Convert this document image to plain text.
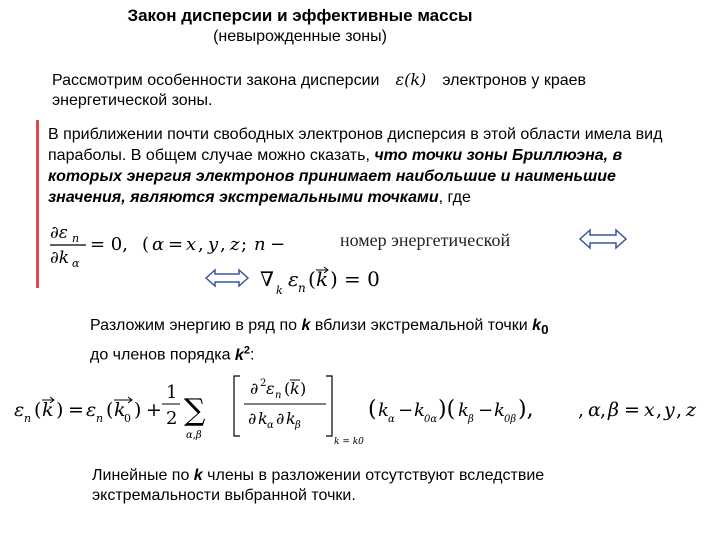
Закон дисперсии и эффективные массы
(невырожденные зоны)
Рассмотрим особенности закона дисперсии ε(k) электронов у краев
энергетической зоны.
В приближении почти свободных электронов дисперсия в этой области имела вид параболы. В общем случае можно сказать, что точки зоны Бриллюэна, в которых энергия электронов принимает наибольшие и наименьшие значения, являются экстремальными точками, где
∂ε n
∂k α
= 0, ( α = x , y , z ; n −	номер энергетической
∇ k ε n ( k ) = 0
Разложим энергию в ряд по k вблизи экстремальной точки $k_0$
до членов порядка $k^2$:
ε n ( k ) = ε n ( k
0 ) +
1
2 ∑
α,β
∂ 2 ε n ( k )
∂ k α ∂ k β
k = k0
( k α − k 0α )( k β − k 0β ), , α , β = x , y , z
Линейные по k члены в разложении отсутствуют вследствие экстремальности выбранной точки.
